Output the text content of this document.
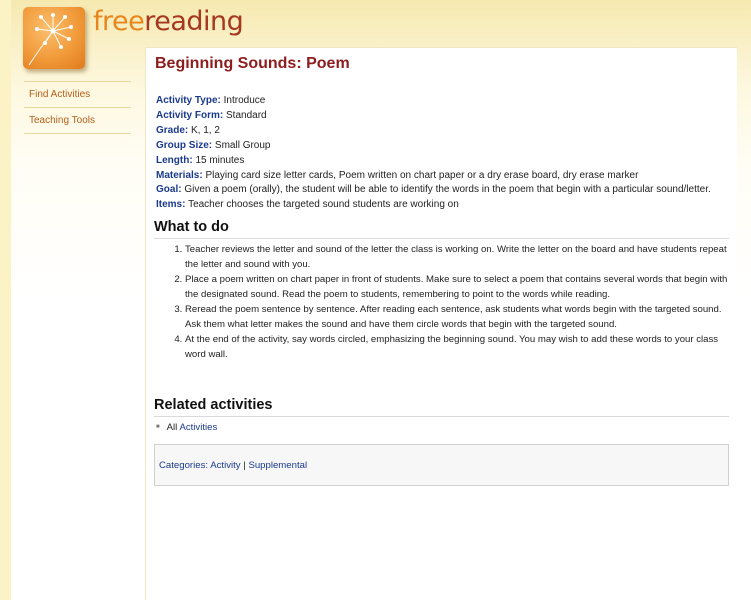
freereading
Find Activities
Teaching Tools
Beginning Sounds: Poem
Activity Type: Introduce
Activity Form: Standard
Grade: K, 1, 2
Group Size: Small Group
Length: 15 minutes
Materials: Playing card size letter cards, Poem written on chart paper or a dry erase board, dry erase marker
Goal: Given a poem (orally), the student will be able to identify the words in the poem that begin with a particular sound/letter.
Items: Teacher chooses the targeted sound students are working on
What to do
1. Teacher reviews the letter and sound of the letter the class is working on. Write the letter on the board and have students repeat the letter and sound with you.
2. Place a poem written on chart paper in front of students. Make sure to select a poem that contains several words that begin with the designated sound. Read the poem to students, remembering to point to the words while reading.
3. Reread the poem sentence by sentence. After reading each sentence, ask students what words begin with the targeted sound. Ask them what letter makes the sound and have them circle words that begin with the targeted sound.
4. At the end of the activity, say words circled, emphasizing the beginning sound. You may wish to add these words to your class word wall.
Related activities
■ All Activities
Categories: Activity | Supplemental
